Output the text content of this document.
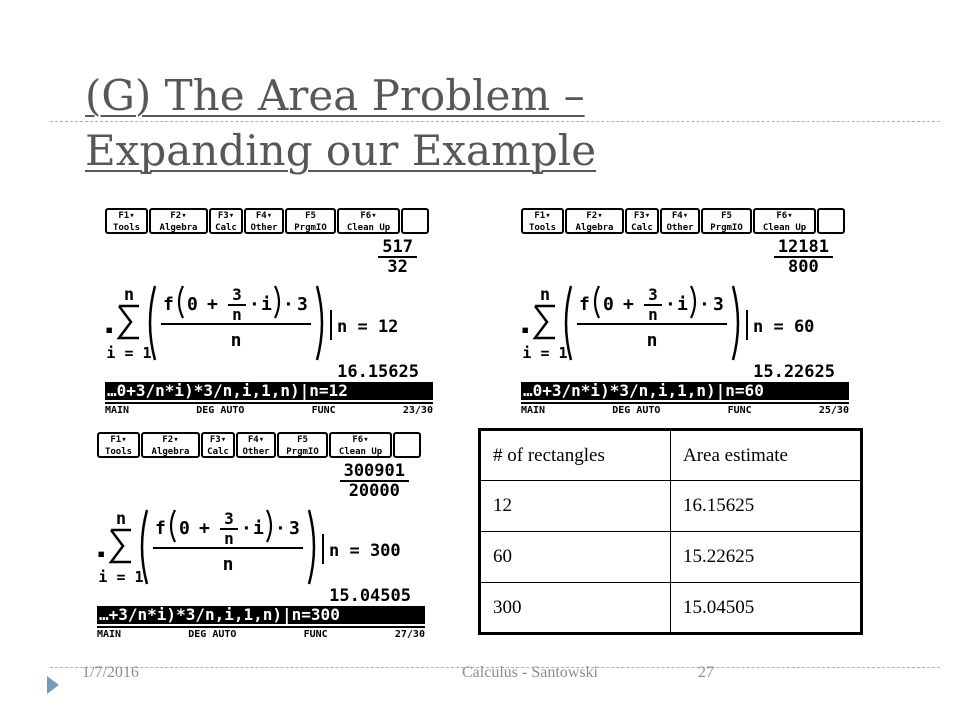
(G) The Area Problem –
Expanding our Example
F1▾
Tools
F2▾
Algebra
F3▾
Calc
F4▾
Other
F5
PrgmIO
F6▾
Clean Up
$\frac{517}{32}$
▪
n
i = 1
f 0 + 3
n · i · 3
n
n = 12
16.15625
…0+3/n*i)*3/n,i,1,n)|n=12
MAIN	DEG AUTO	FUNC	23/30
F1▾
Tools
F2▾
Algebra
F3▾
Calc
F4▾
Other
F5
PrgmIO
F6▾
Clean Up
$\frac{12181}{800}$
▪
n
i = 1
f 0 + 3
n · i · 3
n
n = 60
15.22625
…0+3/n*i)*3/n,i,1,n)|n=60
MAIN	DEG AUTO	FUNC	25/30
F1▾
Tools
F2▾
Algebra
F3▾
Calc
F4▾
Other
F5
PrgmIO
F6▾
Clean Up
$\frac{300901}{20000}$
▪
n
i = 1
f 0 + 3
n · i · 3
n
n = 300
15.04505
…+3/n*i)*3/n,i,1,n)|n=300
MAIN	DEG AUTO	FUNC	27/30
# of rectangles	Area estimate
12	16.15625
60	15.22625
300	15.04505
1/7/2016	Calculus - Santowski	27
